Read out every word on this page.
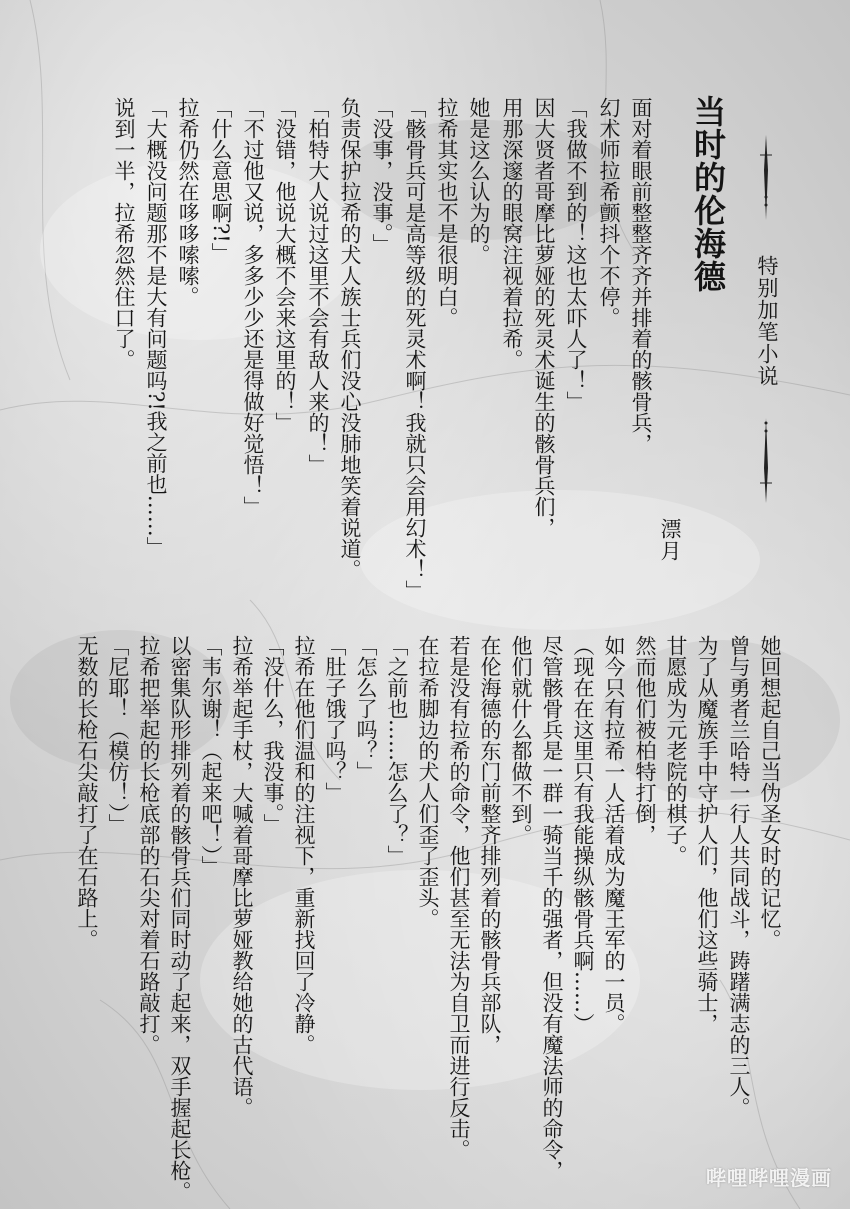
当时的伦海德
特别加笔小说
漂月
面对着眼前整整齐齐并排着的骸骨兵，
幻术师拉希颤抖个不停。
「我做不到的！这也太吓人了！」
因大贤者哥摩比萝娅的死灵术诞生的骸骨兵们，
用那深邃的眼窝注视着拉希。
她是这么认为的。
拉希其实也不是很明白。
「骸骨兵可是高等级的死灵术啊！我就只会用幻术！」
「没事，没事。」
负责保护拉希的犬人族士兵们没心没肺地笑着说道。
「柏特大人说过这里不会有敌人来的！」
「没错，他说大概不会来这里的！」
「不过他又说，多多少少还是得做好觉悟！」
「什么意思啊?!」
拉希仍然在哆哆嗦嗦。
「大概没问题那不是大有问题吗?!我之前也……」
说到一半，拉希忽然住口了。
她回想起自己当伪圣女时的记忆。
曾与勇者兰哈特一行人共同战斗，踌躇满志的三人。
为了从魔族手中守护人们，他们这些骑士，
甘愿成为元老院的棋子。
然而他们被柏特打倒，
如今只有拉希一人活着成为魔王军的一员。
（现在在这里只有我能操纵骸骨兵啊……）
尽管骸骨兵是一群一骑当千的强者，但没有魔法师的命令，
他们就什么都做不到。
在伦海德的东门前整齐排列着的骸骨兵部队，
若是没有拉希的命令，他们甚至无法为自卫而进行反击。
在拉希脚边的犬人们歪了歪头。
「之前也……怎么了？」
「怎么了吗？」
「肚子饿了吗？」
拉希在他们温和的注视下，重新找回了冷静。
「没什么，我没事。」
拉希举起手杖，大喊着哥摩比萝娅教给她的古代语。
「韦尔谢！（起来吧！）」
以密集队形排列着的骸骨兵们同时动了起来，双手握起长枪。
拉希把举起的长枪底部的石尖对着石路敲打。
「尼耶！（模仿！）」
无数的长枪石尖敲打了在石路上。
哔哩哔哩漫画
